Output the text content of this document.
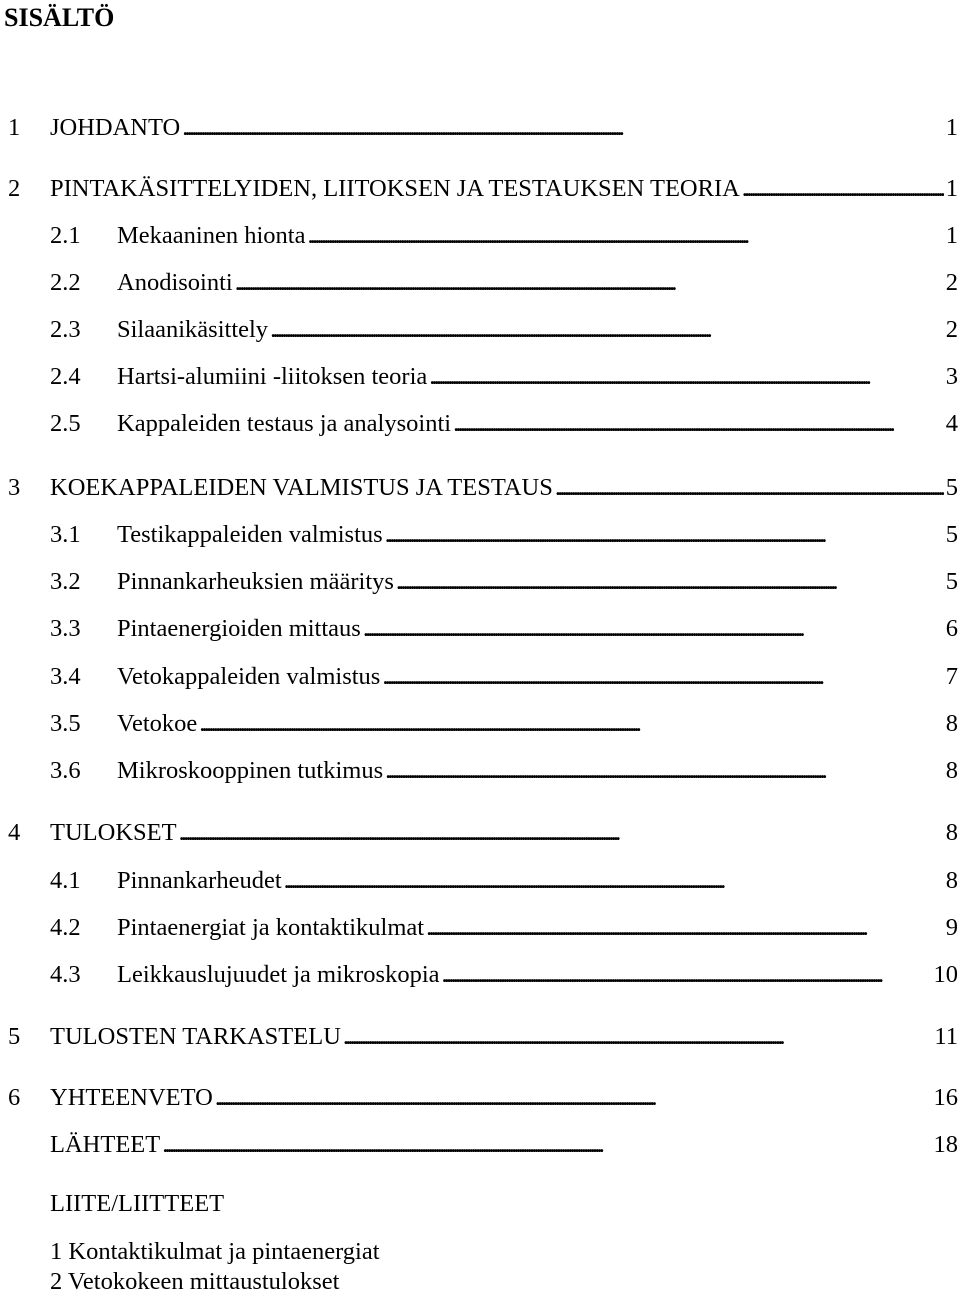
SISÄLTÖ
1 JOHDANTO . . .	1
2 PINTAKÄSITTELYIDEN, LIITOKSEN JA TESTAUKSEN TEORIA . . .	1
2.1 Mekaaninen hionta . . .	1
2.2 Anodisointi . . .	2
2.3 Silaanikäsittely . . .	2
2.4 Hartsi-alumiini -liitoksen teoria . . .	3
2.5 Kappaleiden testaus ja analysointi . . .	4
3 KOEKAPPALEIDEN VALMISTUS JA TESTAUS . . .	5
3.1 Testikappaleiden valmistus . . .	5
3.2 Pinnankarheuksien määritys . . .	5
3.3 Pintaenergioiden mittaus . . .	6
3.4 Vetokappaleiden valmistus . . .	7
3.5 Vetokoe . . .	8
3.6 Mikroskooppinen tutkimus . . .	8
4 TULOKSET . . .	8
4.1 Pinnankarheudet . . .	8
4.2 Pintaenergiat ja kontaktikulmat . . .	9
4.3 Leikkauslujuudet ja mikroskopia . . .	10
5 TULOSTEN TARKASTELU . . .	11
6 YHTEENVETO . . .	16
LÄHTEET . . .	18
LIITE/LIITTEET
1 Kontaktikulmat ja pintaenergiat
2 Vetokokeen mittaustulokset
